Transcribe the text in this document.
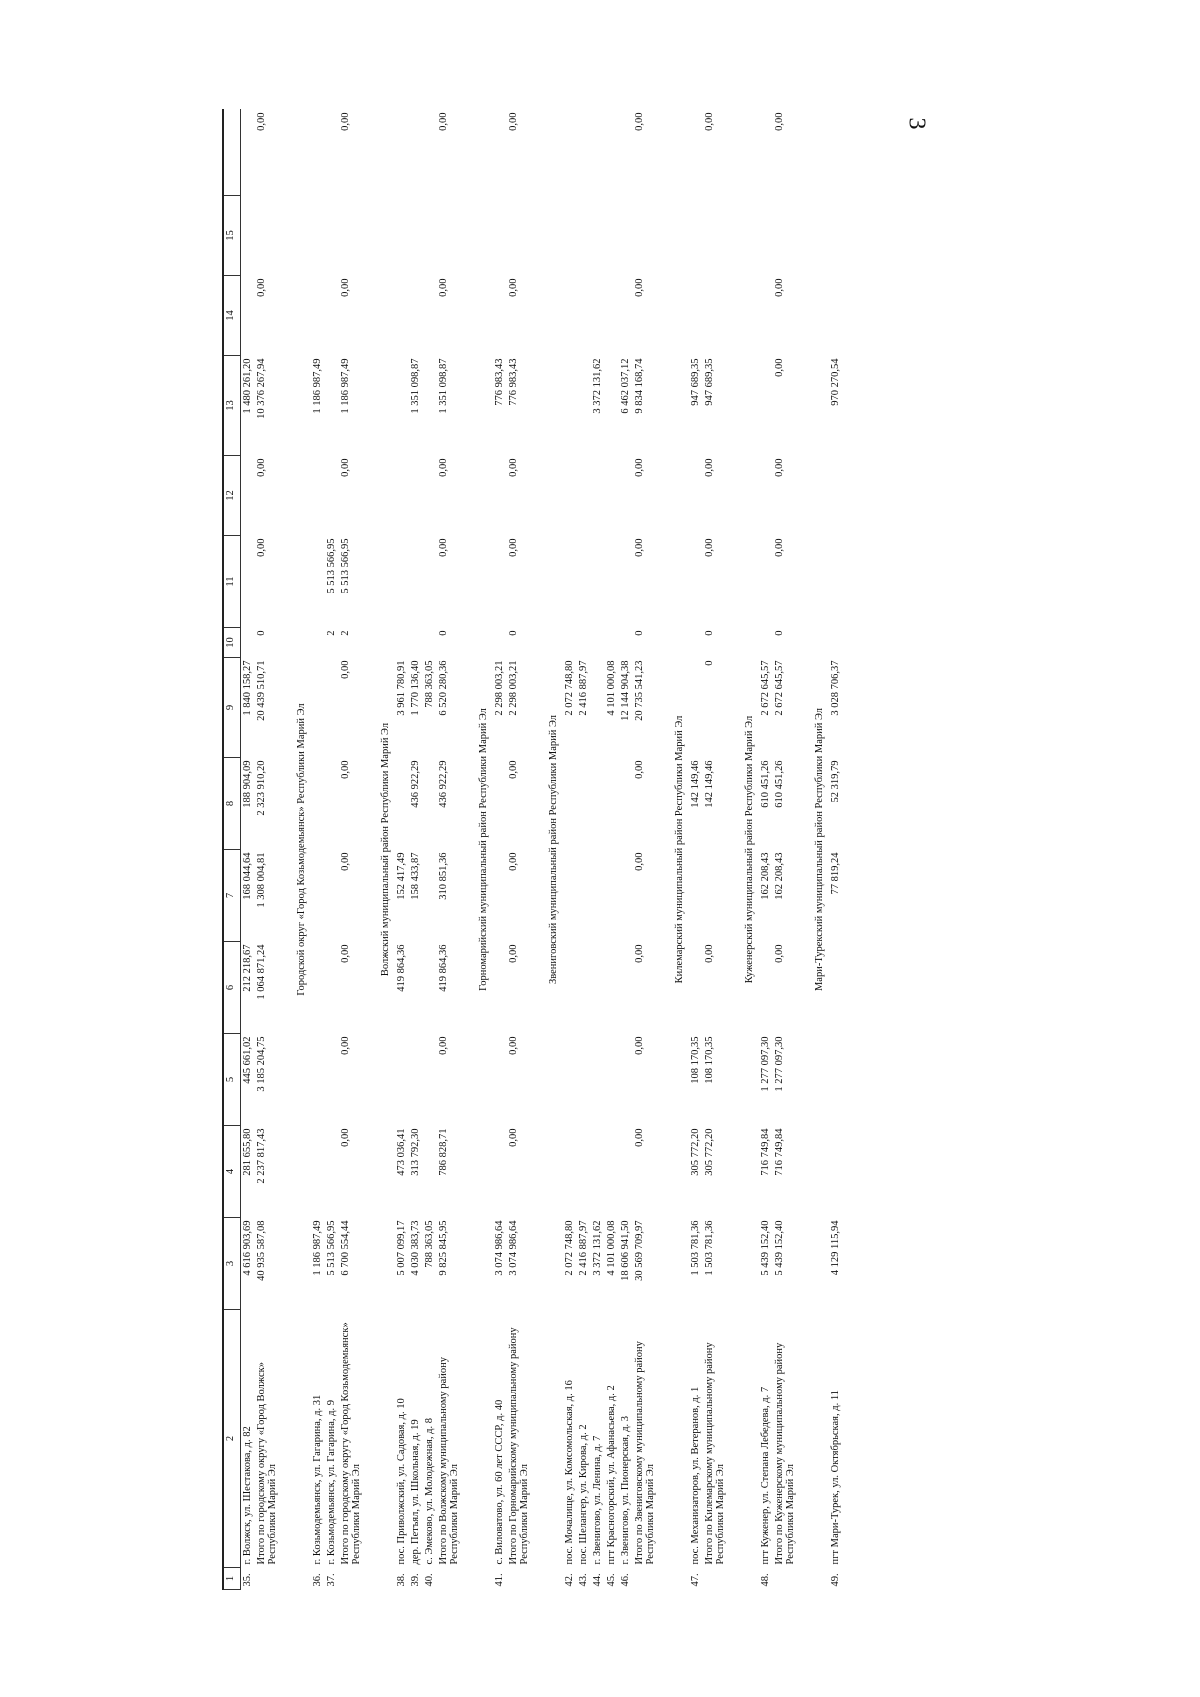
3
1	2	3	4	5	6	7	8	9	10	11	12	13	14	15	
35.	г. Волжск, ул. Шестакова, д. 82	4 616 903,69	281 655,80	445 661,02	212 218,67	168 044,64	188 904,09	1 840 158,27				1 480 261,20			
	Итого по городскому округу «Город Волжск» Республики Марий Эл	40 935 587,08	2 237 817,43	3 185 204,75	1 064 871,24	1 308 004,81	2 323 910,20	20 439 510,71	0	0,00	0,00	10 376 267,94	0,00		0,00
Городской округ «Город Козьмодемьянск» Республики Марий Эл															
36.	г. Козьмодемьянск, ул. Гагарина, д. 31	1 186 987,49										1 186 987,49			
37.	г. Козьмодемьянск, ул. Гагарина, д. 9	5 513 566,95							2	5 513 566,95					
	Итого по городскому округу «Город Козьмодемьянск» Республики Марий Эл	6 700 554,44	0,00	0,00	0,00	0,00	0,00	0,00	2	5 513 566,95	0,00	1 186 987,49	0,00		0,00
Волжский муниципальный район Республики Марий Эл															
38.	пос. Приволжский, ул. Садовая, д. 10	5 007 099,17	473 036,41		419 864,36	152 417,49		3 961 780,91							
39.	дер. Петъял, ул. Школьная, д. 19	4 030 383,73	313 792,30			158 433,87	436 922,29	1 770 136,40				1 351 098,87			
40.	с. Эмеково, ул. Молодежная, д. 8	788 363,05						788 363,05							
	Итого по Волжскому муниципальному району Республики Марий Эл	9 825 845,95	786 828,71	0,00	419 864,36	310 851,36	436 922,29	6 520 280,36	0	0,00	0,00	1 351 098,87	0,00		0,00
Горномарийский муниципальный район Республики Марий Эл															
41.	с. Виловатово, ул. 60 лет СССР, д. 40	3 074 986,64						2 298 003,21				776 983,43			
	Итого по Горномарийскому муниципальному району Республики Марий Эл	3 074 986,64	0,00	0,00	0,00	0,00	0,00	2 298 003,21	0	0,00	0,00	776 983,43	0,00		0,00
Звениговский муниципальный район Республики Марий Эл															
42.	пос. Мочалище, ул. Комсомольская, д. 16	2 072 748,80						2 072 748,80							
43.	пос. Шелангер, ул. Кирова, д. 2	2 416 887,97						2 416 887,97							
44.	г. Звенигово, ул. Ленина, д. 7	3 372 131,62										3 372 131,62			
45.	пгт Красногорский, ул. Афанасьева, д. 2	4 101 000,08						4 101 000,08							
46.	г. Звенигово, ул. Пионерская, д. 3	18 606 941,50						12 144 904,38				6 462 037,12			
	Итого по Звениговскому муниципальному району Республики Марий Эл	30 569 709,97	0,00	0,00	0,00	0,00	0,00	20 735 541,23	0	0,00	0,00	9 834 168,74	0,00		0,00
Килемарский муниципальный район Республики Марий Эл															
47.	пос. Механизаторов, ул. Ветеранов, д. 1	1 503 781,36	305 772,20	108 170,35			142 149,46					947 689,35			
	Итого по Килемарскому муниципальному району Республики Марий Эл	1 503 781,36	305 772,20	108 170,35	0,00		142 149,46	0	0	0,00	0,00	947 689,35			0,00
Куженерский муниципальный район Республики Марий Эл															
48.	пгт Куженер, ул. Степана Лебедева, д. 7	5 439 152,40	716 749,84	1 277 097,30		162 208,43	610 451,26	2 672 645,57							
	Итого по Куженерскому муниципальному району Республики Марий Эл	5 439 152,40	716 749,84	1 277 097,30	0,00	162 208,43	610 451,26	2 672 645,57	0	0,00	0,00	0,00	0,00		0,00
Мари-Турекский муниципальный район Республики Марий Эл															
49.	пгт Мари-Турек, ул. Октябрьская, д. 11	4 129 115,94				77 819,24	52 319,79	3 028 706,37				970 270,54			
